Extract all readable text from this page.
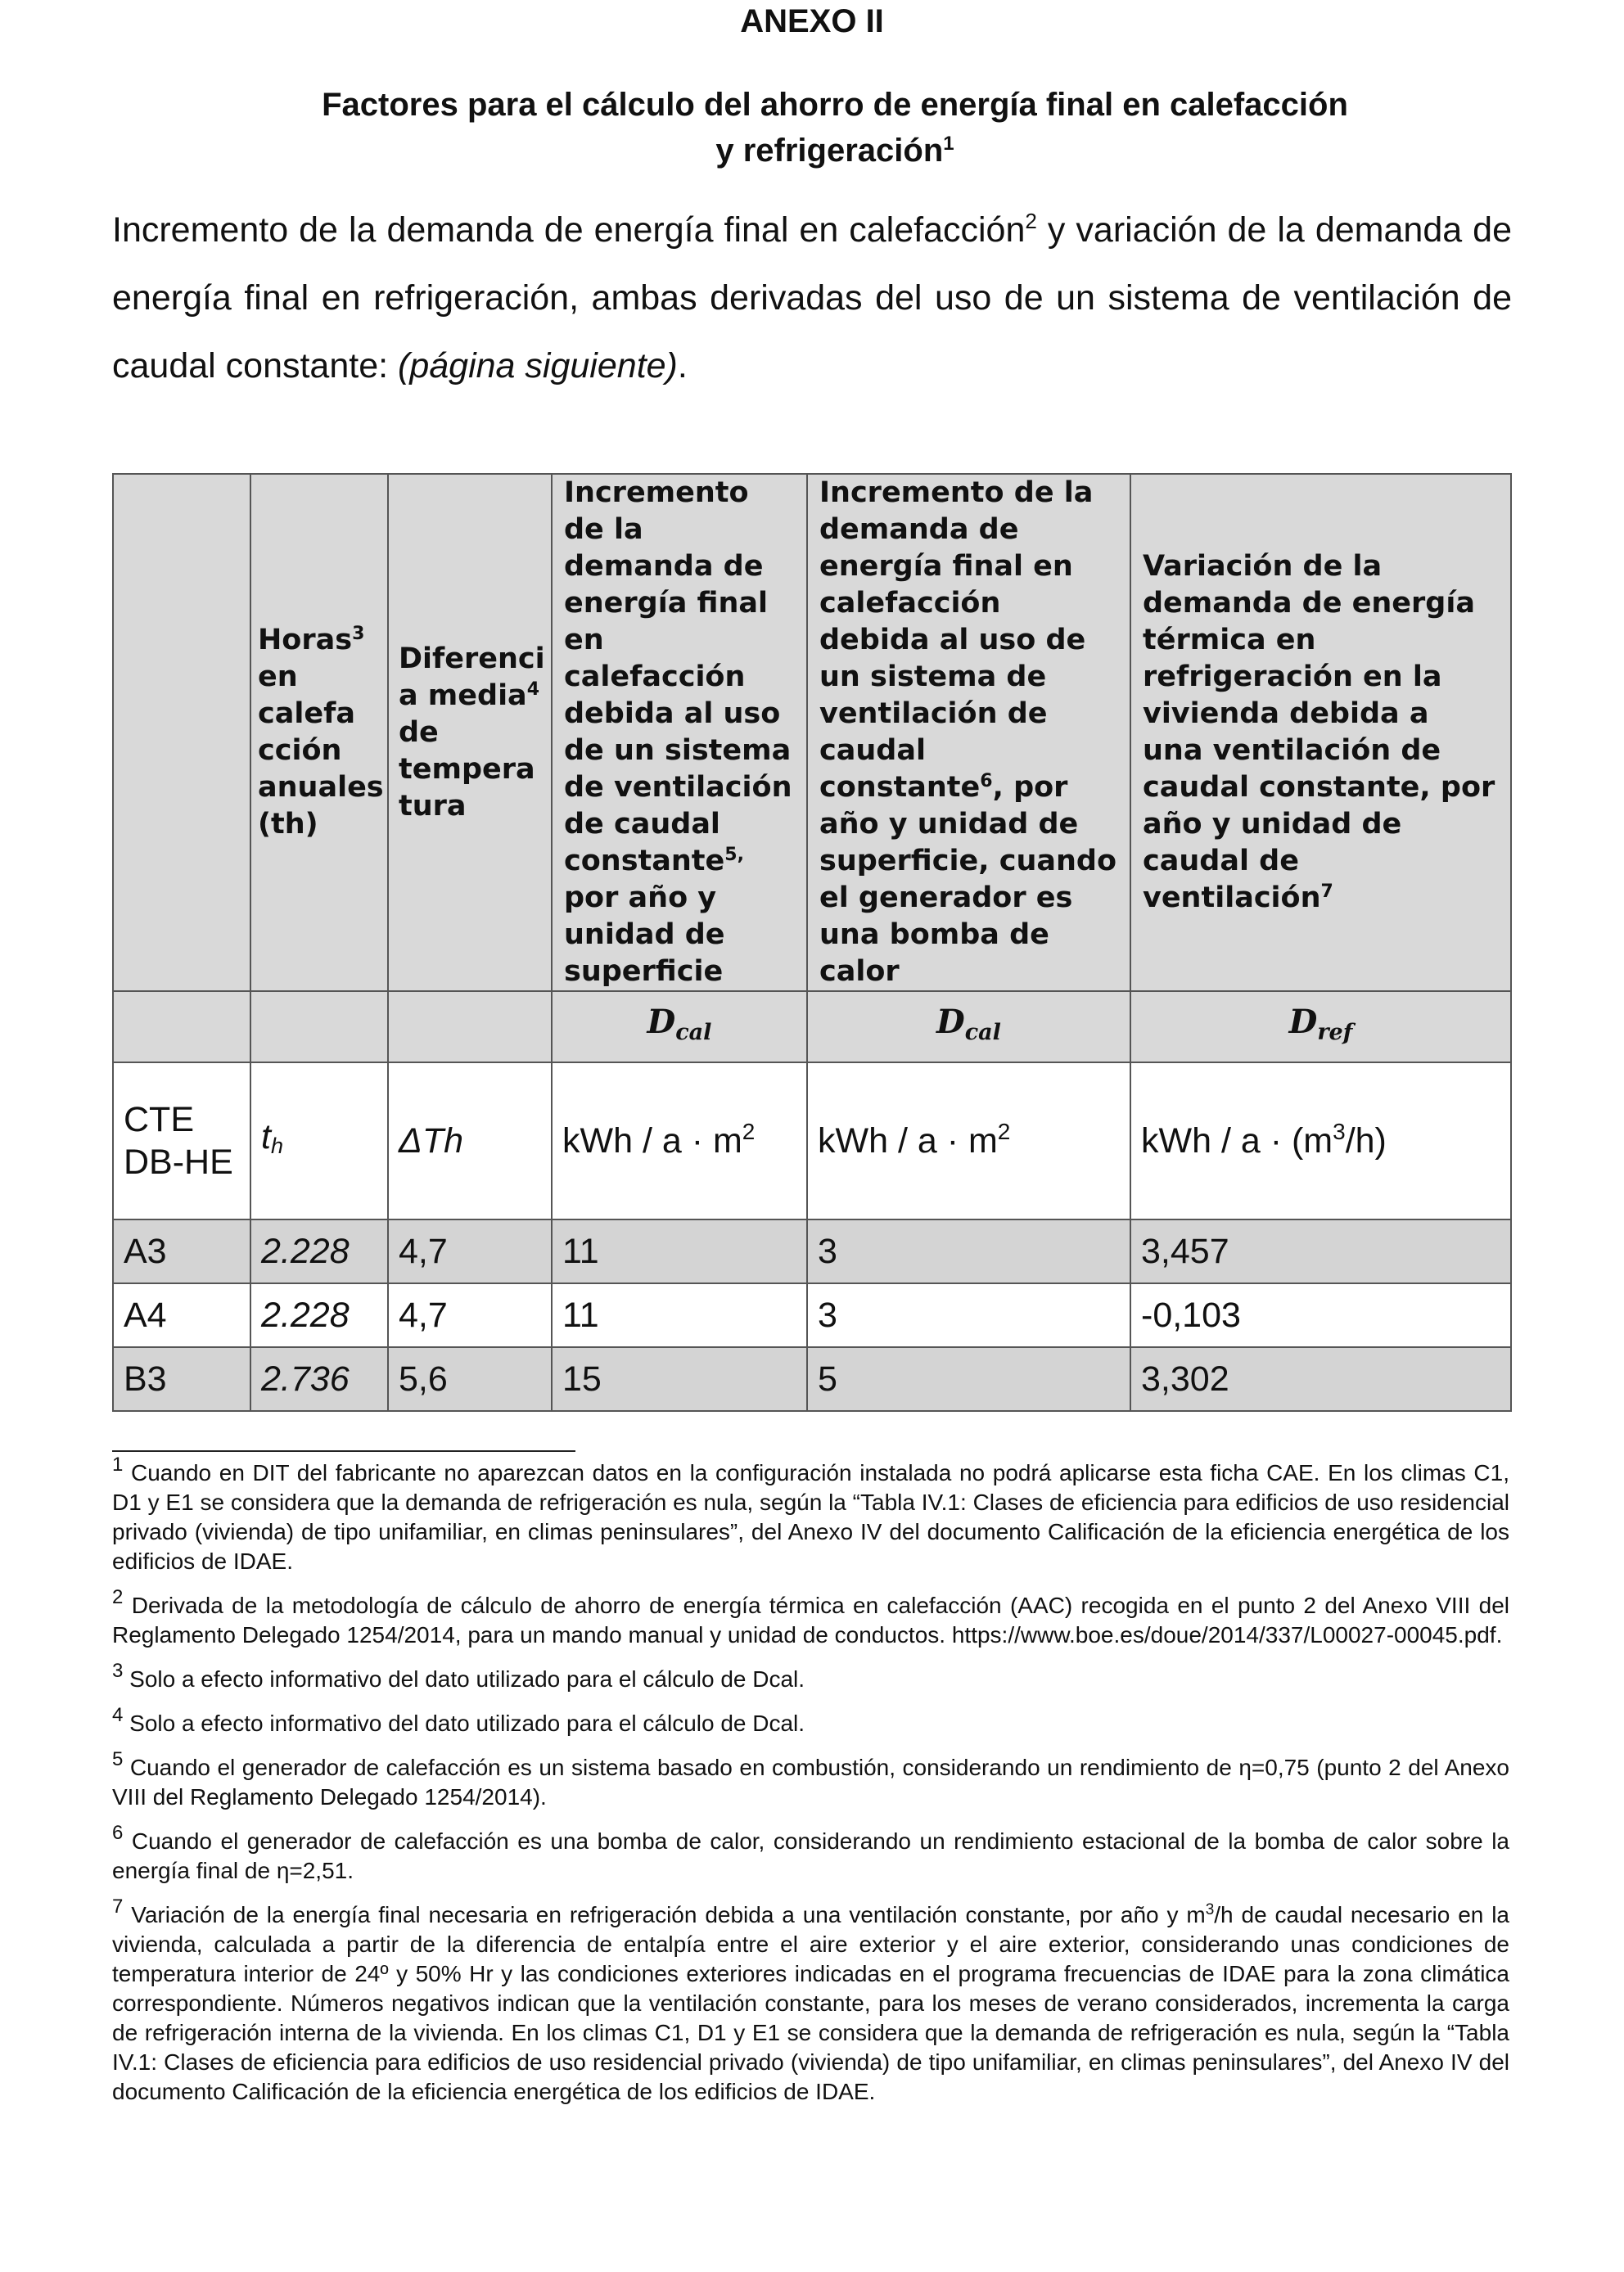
ANEXO II
Factores para el cálculo del ahorro de energía final en calefacción
y refrigeración$^1$
Incremento de la demanda de energía final en calefacción$^2$ y variación de la demanda de energía final en refrigeración, ambas derivadas del uso de un sistema de ventilación de caudal constante: (página siguiente).
	Horas$^3$ en calefa cción anuales (th)	Diferenci a media$^4$ de tempera tura	Incremento de la demanda de energía final en calefacción debida al uso de un sistema de ventilación de caudal constante$^{5,}$ por año y unidad de superficie	Incremento de la demanda de energía final en calefacción debida al uso de un sistema de ventilación de caudal constante$^6$, por año y unidad de superficie, cuando el generador es una bomba de calor	Variación de la demanda de energía térmica en refrigeración en la vivienda debida a una ventilación de caudal constante, por año y unidad de caudal de ventilación$^7$
			$D_{cal}$	$D_{cal}$	$D_{ref}$
CTE DB-HE	$t_h$	ΔTh	kWh / $a \cdot m^2$	kWh / $a \cdot m^2$	kWh / $a \cdot (m^3/h)$
A3	2.228	4,7	11	3	3,457
A4	2.228	4,7	11	3	-0,103
B3	2.736	5,6	15	5	3,302

1 Cuando en DIT del fabricante no aparezcan datos en la configuración instalada no podrá aplicarse esta ficha CAE. En los climas C1, D1 y E1 se considera que la demanda de refrigeración es nula, según la “Tabla IV.1: Clases de eficiencia para edificios de uso residencial privado (vivienda) de tipo unifamiliar, en climas peninsulares”, del Anexo IV del documento Calificación de la eficiencia energética de los edificios de IDAE.

2 Derivada de la metodología de cálculo de ahorro de energía térmica en calefacción (AAC) recogida en el punto 2 del Anexo VIII del Reglamento Delegado 1254/2014, para un mando manual y unidad de conductos. https://www.boe.es/doue/2014/337/L00027-00045.pdf.

3 Solo a efecto informativo del dato utilizado para el cálculo de Dcal.

4 Solo a efecto informativo del dato utilizado para el cálculo de Dcal.

5 Cuando el generador de calefacción es un sistema basado en combustión, considerando un rendimiento de η=0,75 (punto 2 del Anexo VIII del Reglamento Delegado 1254/2014).

6 Cuando el generador de calefacción es una bomba de calor, considerando un rendimiento estacional de la bomba de calor sobre la energía final de η=2,51.

7 Variación de la energía final necesaria en refrigeración debida a una ventilación constante, por año y $m^3/h$ de caudal necesario en la vivienda, calculada a partir de la diferencia de entalpía entre el aire exterior y el aire exterior, considerando unas condiciones de temperatura interior de 24º y 50% Hr y las condiciones exteriores indicadas en el programa frecuencias de IDAE para la zona climática correspondiente. Números negativos indican que la ventilación constante, para los meses de verano considerados, incrementa la carga de refrigeración interna de la vivienda. En los climas C1, D1 y E1 se considera que la demanda de refrigeración es nula, según la “Tabla IV.1: Clases de eficiencia para edificios de uso residencial privado (vivienda) de tipo unifamiliar, en climas peninsulares”, del Anexo IV del documento Calificación de la eficiencia energética de los edificios de IDAE.
